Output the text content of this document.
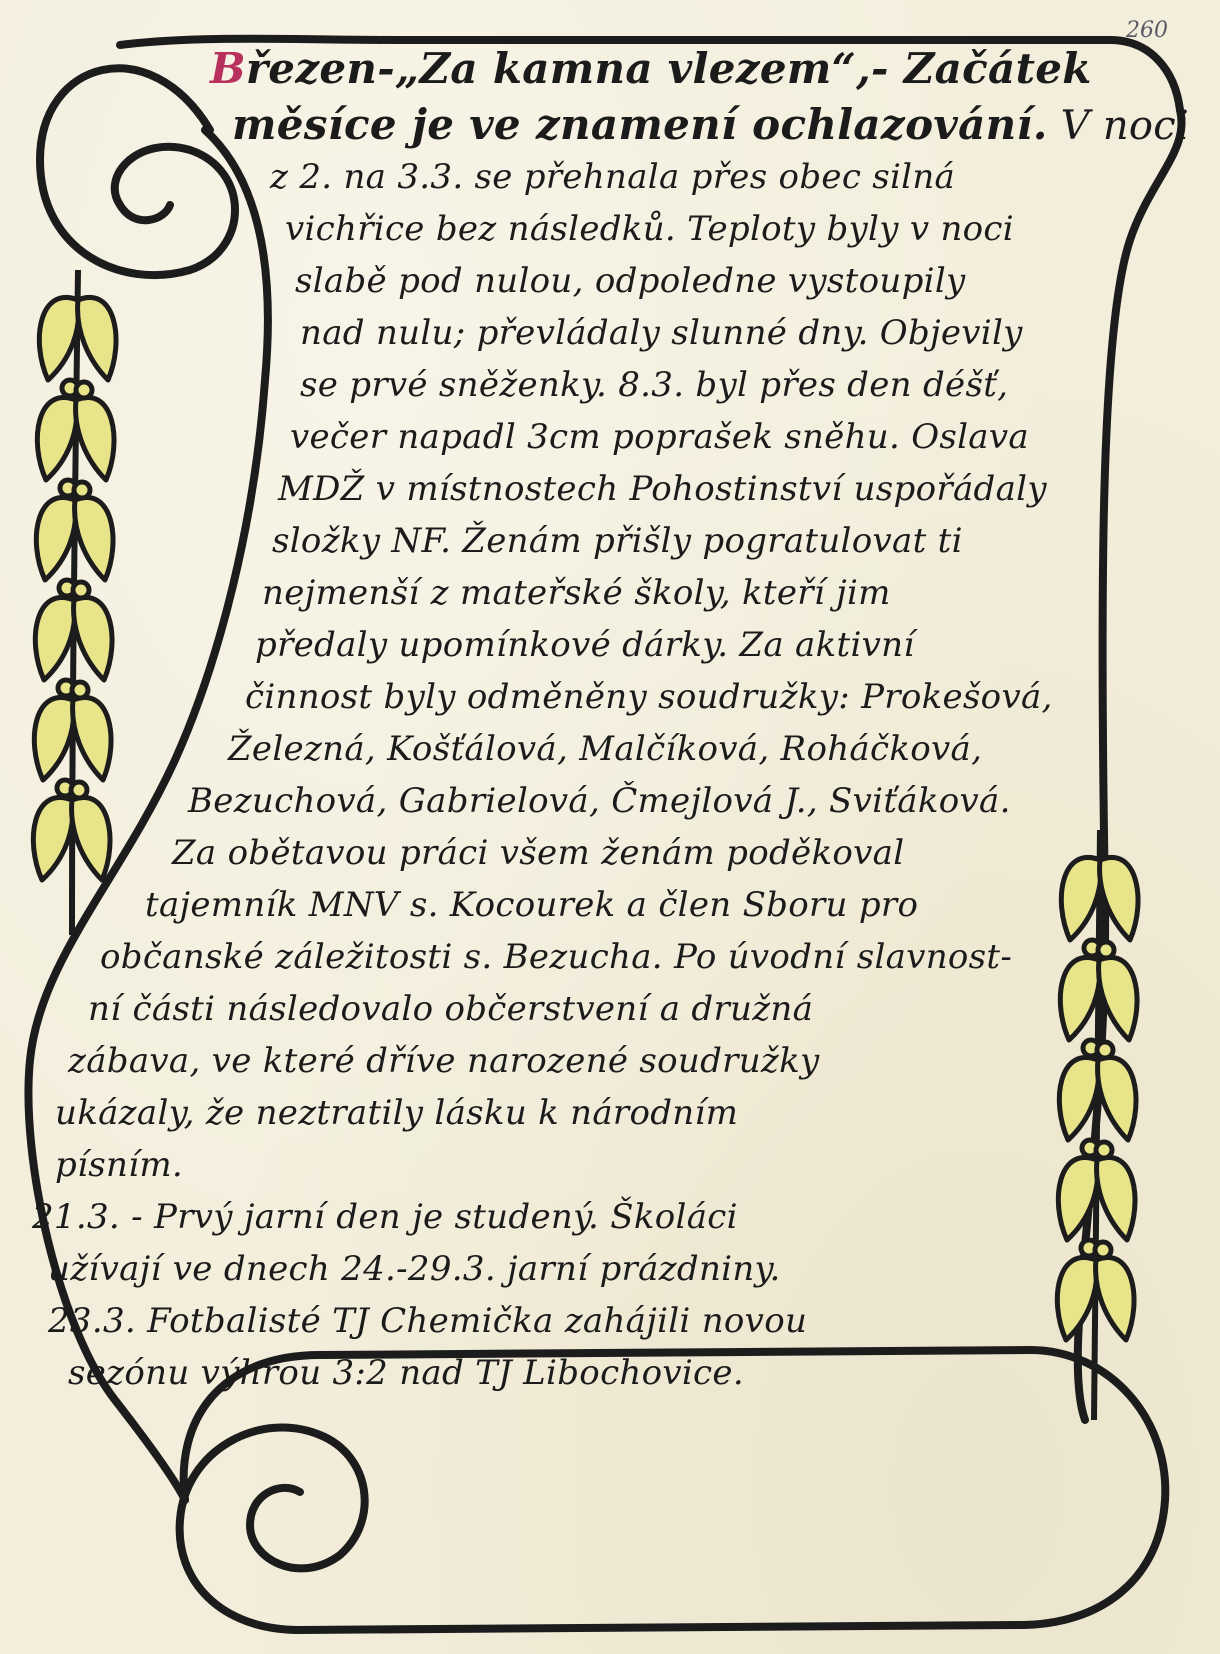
260
Březen-„Za kamna vlezem“,- Začátek
měsíce je ve znamení ochlazování. V noci
z 2. na 3.3. se přehnala přes obec silná
vichřice bez následků. Teploty byly v noci
slabě pod nulou, odpoledne vystoupily
nad nulu; převládaly slunné dny. Objevily
se prvé sněženky. 8.3. byl přes den déšť,
večer napadl 3cm poprašek sněhu. Oslava
MDŽ v místnostech Pohostinství uspořádaly
složky NF. Ženám přišly pogratulovat ti
nejmenší z mateřské školy, kteří jim
předaly upomínkové dárky. Za aktivní
činnost byly odměněny soudružky: Prokešová,
Železná, Košťálová, Malčíková, Roháčková,
Bezuchová, Gabrielová, Čmejlová J., Sviťáková.
Za obětavou práci všem ženám poděkoval
tajemník MNV s. Kocourek a člen Sboru pro
občanské záležitosti s. Bezucha. Po úvodní slavnost-
ní části následovalo občerstvení a družná
zábava, ve které dříve narozené soudružky
ukázaly, že neztratily lásku k národním
písním.
21.3. - Prvý jarní den je studený. Školáci
užívají ve dnech 24.-29.3. jarní prázdniny.
23.3. Fotbalisté TJ Chemička zahájili novou
sezónu výhrou 3:2 nad TJ Libochovice.
